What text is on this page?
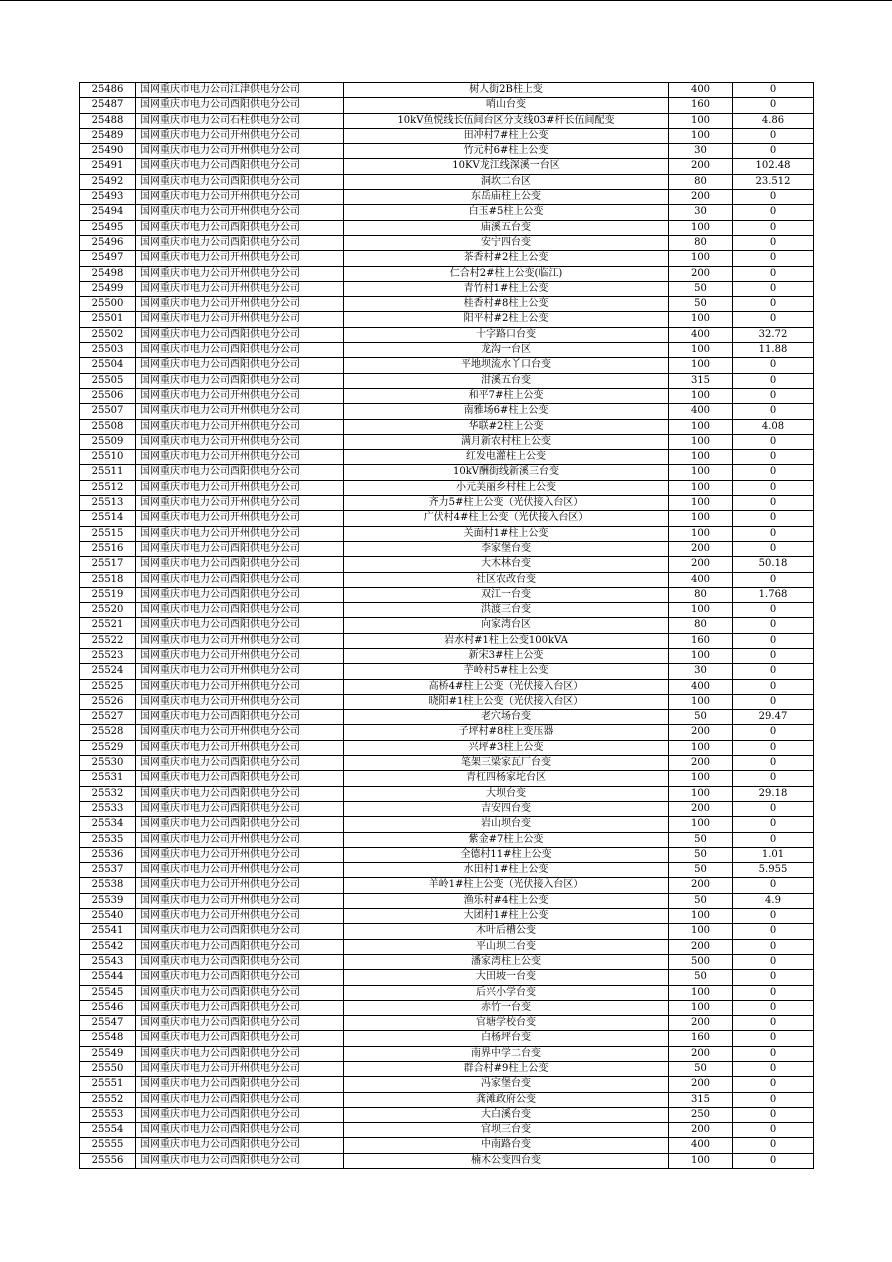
25486	国网重庆市电力公司江津供电分公司	树人街2B柱上变	400	0
25487	国网重庆市电力公司酉阳供电分公司	哨山台变	160	0
25488	国网重庆市电力公司石柱供电分公司	10kV鱼悦线长伍间台区分支线03#杆长伍间配变	100	4.86
25489	国网重庆市电力公司开州供电分公司	田冲村7#柱上公变	100	0
25490	国网重庆市电力公司开州供电分公司	竹元村6#柱上公变	30	0
25491	国网重庆市电力公司酉阳供电分公司	10KV龙江线深溪一台区	200	102.48
25492	国网重庆市电力公司酉阳供电分公司	洞坎二台区	80	23.512
25493	国网重庆市电力公司开州供电分公司	东岳庙柱上公变	200	0
25494	国网重庆市电力公司开州供电分公司	白玉#5柱上公变	30	0
25495	国网重庆市电力公司酉阳供电分公司	庙溪五台变	100	0
25496	国网重庆市电力公司酉阳供电分公司	安宁四台变	80	0
25497	国网重庆市电力公司开州供电分公司	茶香村#2柱上公变	100	0
25498	国网重庆市电力公司开州供电分公司	仁合村2#柱上公变(临江)	200	0
25499	国网重庆市电力公司开州供电分公司	青竹村1#柱上公变	50	0
25500	国网重庆市电力公司开州供电分公司	桂香村#8柱上公变	50	0
25501	国网重庆市电力公司开州供电分公司	阳平村#2柱上公变	100	0
25502	国网重庆市电力公司酉阳供电分公司	十字路口台变	400	32.72
25503	国网重庆市电力公司酉阳供电分公司	龙沟一台区	100	11.88
25504	国网重庆市电力公司酉阳供电分公司	平地坝流水丫口台变	100	0
25505	国网重庆市电力公司酉阳供电分公司	泔溪五台变	315	0
25506	国网重庆市电力公司开州供电分公司	和平7#柱上公变	100	0
25507	国网重庆市电力公司开州供电分公司	南雅场6#柱上公变	400	0
25508	国网重庆市电力公司开州供电分公司	华联#2柱上公变	100	4.08
25509	国网重庆市电力公司开州供电分公司	满月新农村柱上公变	100	0
25510	国网重庆市电力公司开州供电分公司	红发电灌柱上公变	100	0
25511	国网重庆市电力公司酉阳供电分公司	10kV酬街线新溪三台变	100	0
25512	国网重庆市电力公司开州供电分公司	小元美丽乡村柱上公变	100	0
25513	国网重庆市电力公司开州供电分公司	齐力5#柱上公变（光伏接入台区）	100	0
25514	国网重庆市电力公司开州供电分公司	广伏村4#柱上公变（光伏接入台区）	100	0
25515	国网重庆市电力公司开州供电分公司	关面村1#柱上公变	100	0
25516	国网重庆市电力公司酉阳供电分公司	李家堡台变	200	0
25517	国网重庆市电力公司酉阳供电分公司	大木林台变	200	50.18
25518	国网重庆市电力公司酉阳供电分公司	社区农改台变	400	0
25519	国网重庆市电力公司酉阳供电分公司	双江一台变	80	1.768
25520	国网重庆市电力公司酉阳供电分公司	洪渡三台变	100	0
25521	国网重庆市电力公司酉阳供电分公司	向家湾台区	80	0
25522	国网重庆市电力公司开州供电分公司	岩水村#1柱上公变100kVA	160	0
25523	国网重庆市电力公司开州供电分公司	新宋3#柱上公变	100	0
25524	国网重庆市电力公司开州供电分公司	芋岭村5#柱上公变	30	0
25525	国网重庆市电力公司开州供电分公司	高桥4#柱上公变（光伏接入台区）	400	0
25526	国网重庆市电力公司开州供电分公司	晓阳#1柱上公变（光伏接入台区）	100	0
25527	国网重庆市电力公司酉阳供电分公司	老穴场台变	50	29.47
25528	国网重庆市电力公司开州供电分公司	子坪村#8柱上变压器	200	0
25529	国网重庆市电力公司开州供电分公司	兴坪#3柱上公变	100	0
25530	国网重庆市电力公司酉阳供电分公司	笔架三梁家瓦厂台变	200	0
25531	国网重庆市电力公司酉阳供电分公司	青杠四杨家坨台区	100	0
25532	国网重庆市电力公司酉阳供电分公司	大坝台变	100	29.18
25533	国网重庆市电力公司酉阳供电分公司	吉安四台变	200	0
25534	国网重庆市电力公司酉阳供电分公司	岩山坝台变	100	0
25535	国网重庆市电力公司开州供电分公司	紫金#7柱上公变	50	0
25536	国网重庆市电力公司开州供电分公司	全德村11#柱上公变	50	1.01
25537	国网重庆市电力公司开州供电分公司	水田村1#柱上公变	50	5.955
25538	国网重庆市电力公司开州供电分公司	羊岭1#柱上公变（光伏接入台区）	200	0
25539	国网重庆市电力公司开州供电分公司	渔乐村#4柱上公变	50	4.9
25540	国网重庆市电力公司开州供电分公司	大团村1#柱上公变	100	0
25541	国网重庆市电力公司酉阳供电分公司	木叶后槽公变	100	0
25542	国网重庆市电力公司酉阳供电分公司	平山坝二台变	200	0
25543	国网重庆市电力公司酉阳供电分公司	潘家湾柱上公变	500	0
25544	国网重庆市电力公司酉阳供电分公司	大田坡一台变	50	0
25545	国网重庆市电力公司酉阳供电分公司	后兴小学台变	100	0
25546	国网重庆市电力公司酉阳供电分公司	赤竹一台变	100	0
25547	国网重庆市电力公司酉阳供电分公司	官塘学校台变	200	0
25548	国网重庆市电力公司酉阳供电分公司	白杨坪台变	160	0
25549	国网重庆市电力公司酉阳供电分公司	南界中学二台变	200	0
25550	国网重庆市电力公司开州供电分公司	群合村#9柱上公变	50	0
25551	国网重庆市电力公司酉阳供电分公司	冯家堡台变	200	0
25552	国网重庆市电力公司酉阳供电分公司	龚滩政府公变	315	0
25553	国网重庆市电力公司酉阳供电分公司	大白溪台变	250	0
25554	国网重庆市电力公司酉阳供电分公司	官坝三台变	200	0
25555	国网重庆市电力公司酉阳供电分公司	中南路台变	400	0
25556	国网重庆市电力公司酉阳供电分公司	楠木公变四台变	100	0
